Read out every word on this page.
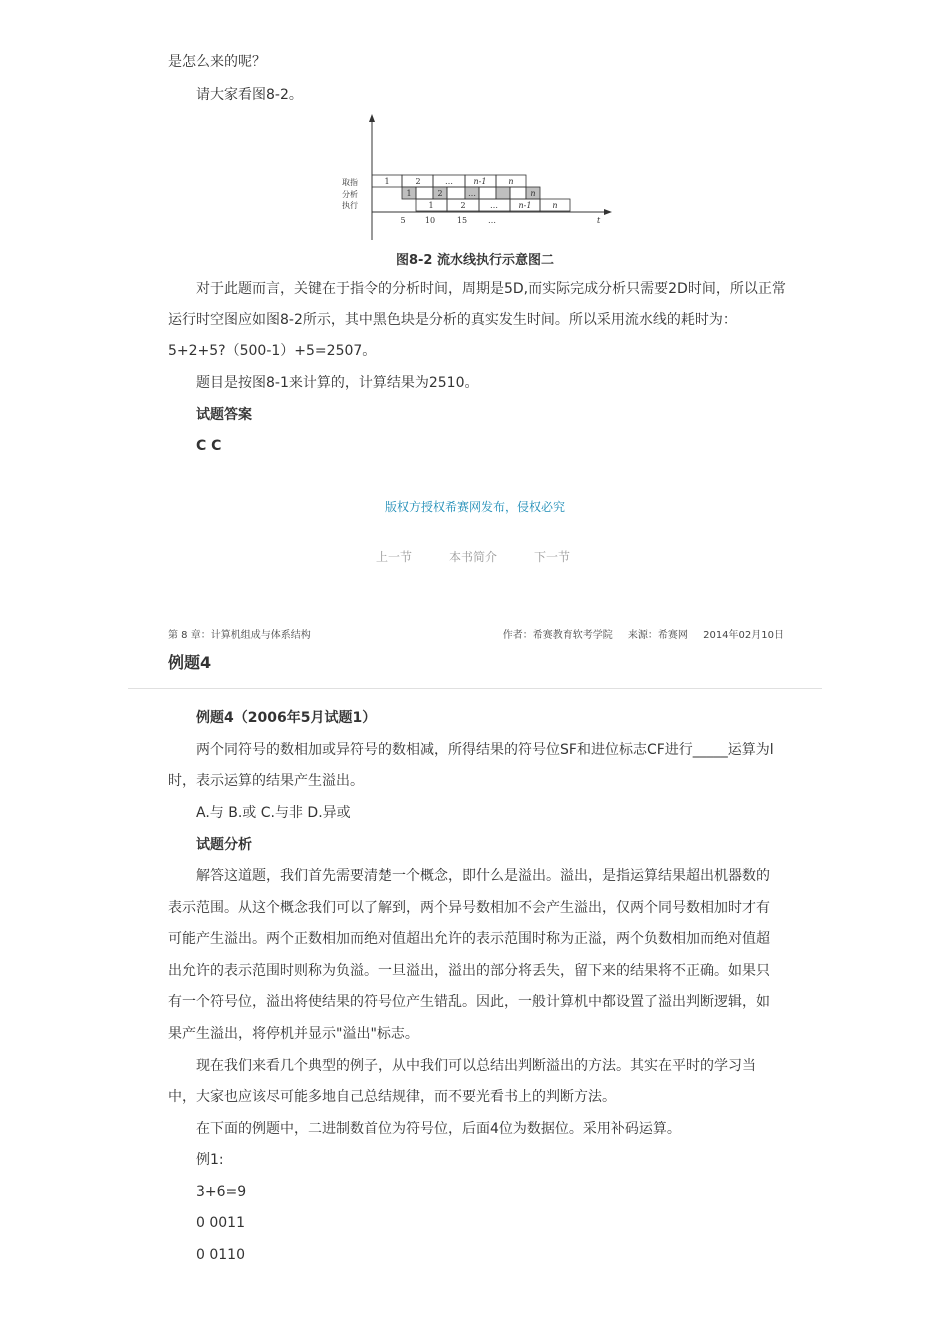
是怎么来的呢？
请大家看图8-2。
取指
分析
执行
1	2	…	n-1	n
1	2	…	n
1	2	…	n-1	n
5 10	15	…	t
图8-2 流水线执行示意图二
对于此题而言，关键在于指令的分析时间，周期是5D,而实际完成分析只需要2D时间，所以正常
运行时空图应如图8-2所示，其中黑色块是分析的真实发生时间。所以采用流水线的耗时为：
5+2+5?（500-1）+5=2507。
题目是按图8-1来计算的，计算结果为2510。
试题答案
C C
版权方授权希赛网发布，侵权必究
上一节	本书简介	下一节
第 8 章：计算机组成与体系结构	作者：希赛教育软考学院 来源：希赛网 2014年02月10日
例题4
例题4（2006年5月试题1）
两个同符号的数相加或异符号的数相减，所得结果的符号位SF和进位标志CF进行_____运算为l
时，表示运算的结果产生溢出。
A.与 B.或 C.与非 D.异或
试题分析
解答这道题，我们首先需要清楚一个概念，即什么是溢出。溢出，是指运算结果超出机器数的
表示范围。从这个概念我们可以了解到，两个异号数相加不会产生溢出，仅两个同号数相加时才有
可能产生溢出。两个正数相加而绝对值超出允许的表示范围时称为正溢，两个负数相加而绝对值超
出允许的表示范围时则称为负溢。一旦溢出，溢出的部分将丢失，留下来的结果将不正确。如果只
有一个符号位，溢出将使结果的符号位产生错乱。因此，一般计算机中都设置了溢出判断逻辑，如
果产生溢出，将停机并显示"溢出"标志。
现在我们来看几个典型的例子，从中我们可以总结出判断溢出的方法。其实在平时的学习当
中，大家也应该尽可能多地自己总结规律，而不要光看书上的判断方法。
在下面的例题中，二进制数首位为符号位，后面4位为数据位。采用补码运算。
例1:
3+6=9
0 0011
0 0110
